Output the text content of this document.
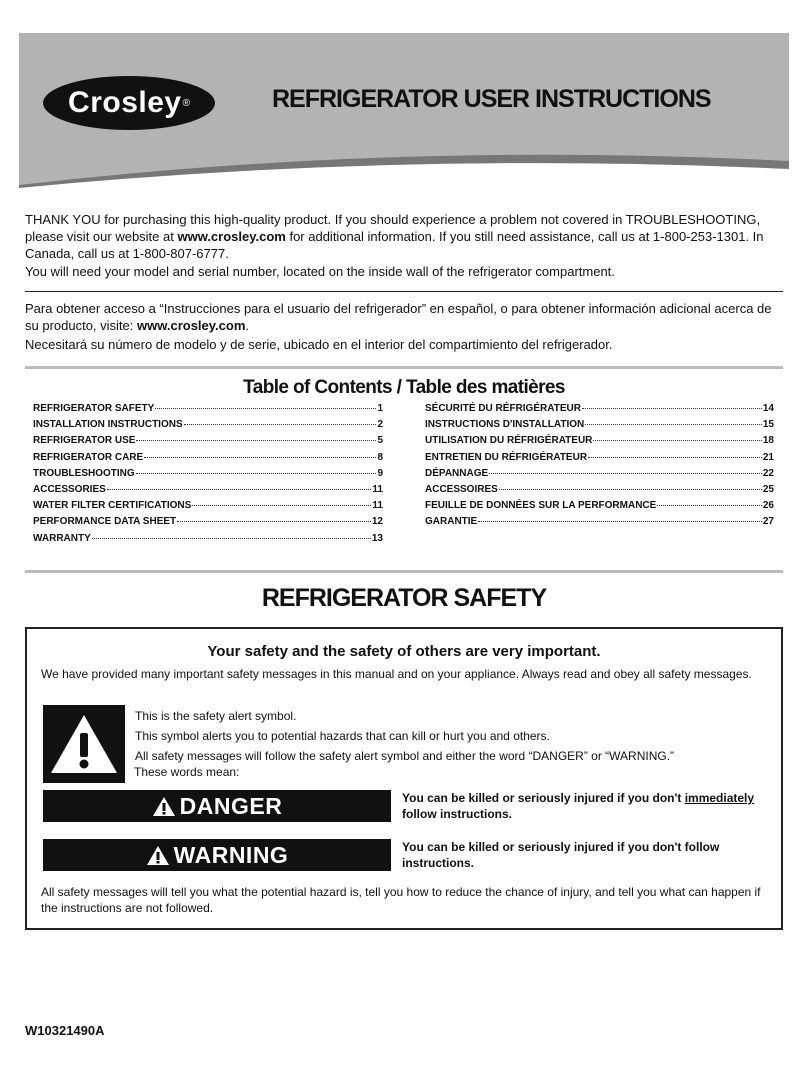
Crosley ®	REFRIGERATOR USER INSTRUCTIONS
THANK YOU for purchasing this high-quality product. If you should experience a problem not covered in TROUBLESHOOTING, please visit our website at www.crosley.com for additional information. If you still need assistance, call us at 1-800-253-1301. In Canada, call us at 1-800-807-6777.
You will need your model and serial number, located on the inside wall of the refrigerator compartment.
Para obtener acceso a “Instrucciones para el usuario del refrigerador” en español, o para obtener información adicional acerca de su producto, visite: www.crosley.com.
Necesitará su número de modelo y de serie, ubicado en el interior del compartimiento del refrigerador.
Table of Contents / Table des matières
REFRIGERATOR SAFETY	1
INSTALLATION INSTRUCTIONS	2
REFRIGERATOR USE	5
REFRIGERATOR CARE	8
TROUBLESHOOTING	9
ACCESSORIES	11
WATER FILTER CERTIFICATIONS	11
PERFORMANCE DATA SHEET	12
WARRANTY	13
SÉCURITÉ DU RÉFRIGÉRATEUR	14
INSTRUCTIONS D'INSTALLATION	15
UTILISATION DU RÉFRIGÉRATEUR	18
ENTRETIEN DU RÉFRIGÉRATEUR	21
DÉPANNAGE	22
ACCESSOIRES	25
FEUILLE DE DONNÉES SUR LA PERFORMANCE	26
GARANTIE	27
REFRIGERATOR SAFETY
Your safety and the safety of others are very important.
We have provided many important safety messages in this manual and on your appliance. Always read and obey all safety messages.
This is the safety alert symbol.
This symbol alerts you to potential hazards that can kill or hurt you and others.
All safety messages will follow the safety alert symbol and either the word “DANGER” or “WARNING.”
These words mean:
DANGER	You can be killed or seriously injured if you don't immediately follow instructions.
WARNING	You can be killed or seriously injured if you don't follow instructions.
All safety messages will tell you what the potential hazard is, tell you how to reduce the chance of injury, and tell you what can happen if the instructions are not followed.
W10321490A
